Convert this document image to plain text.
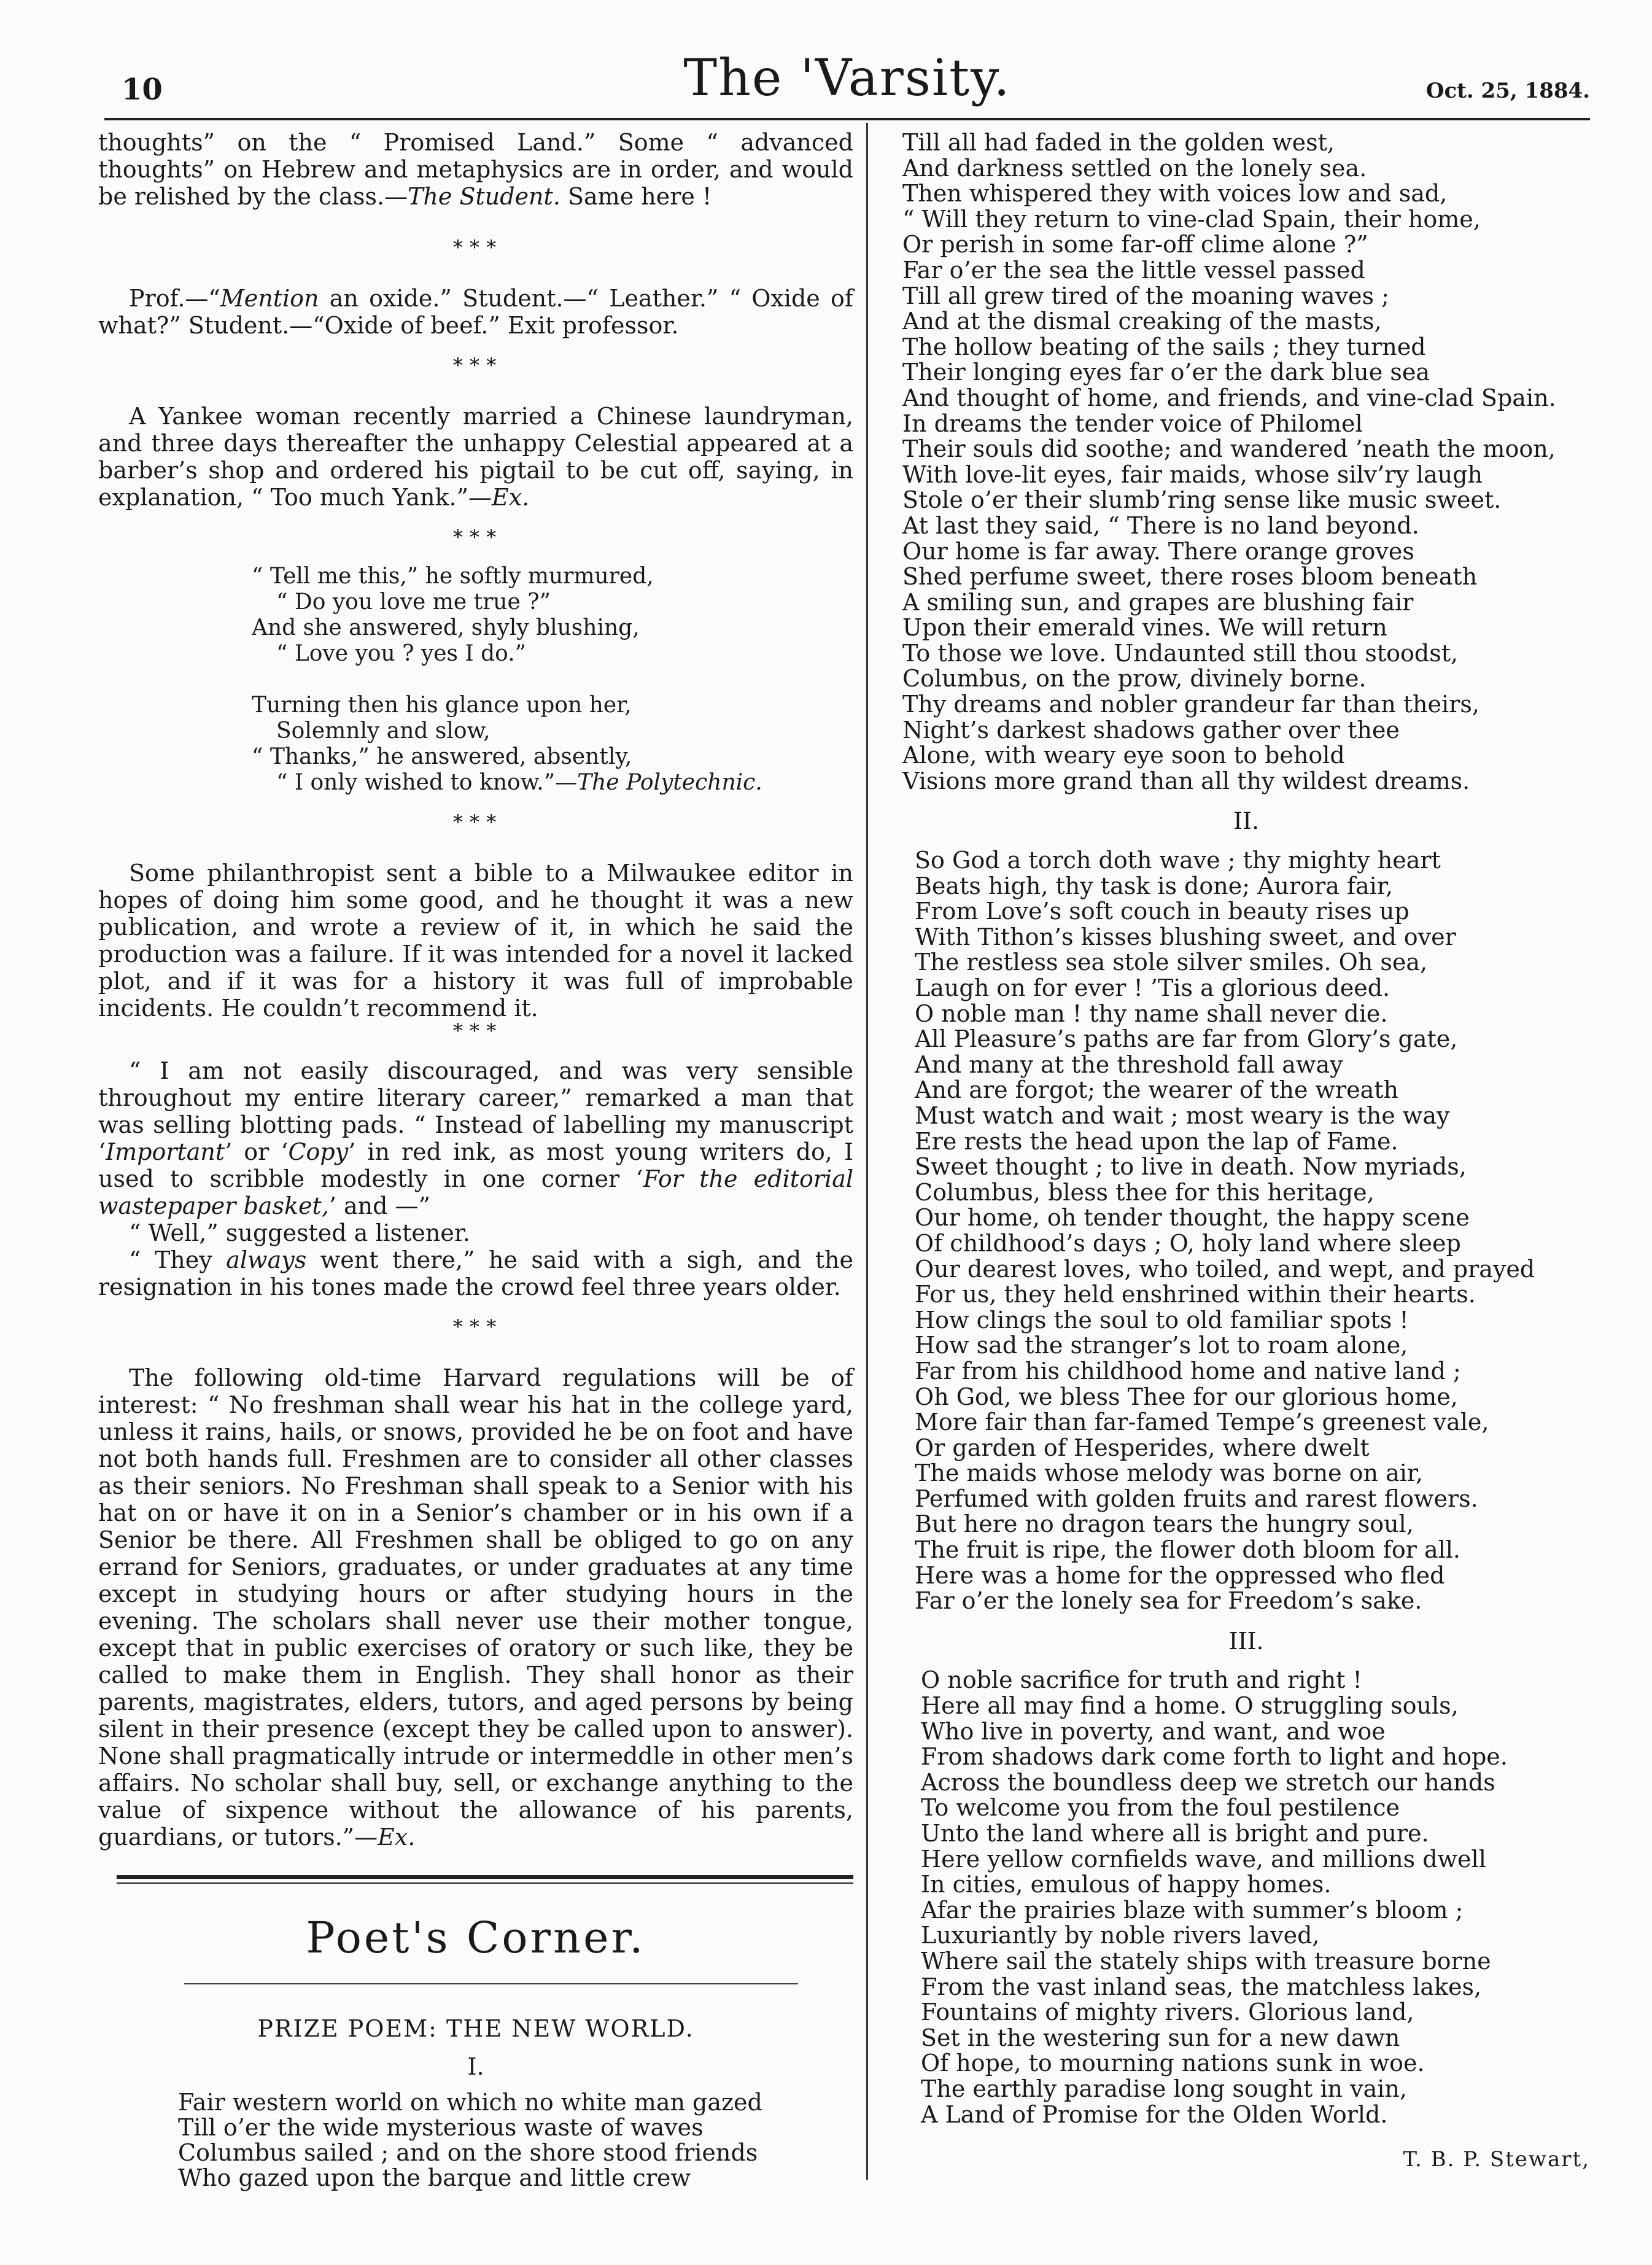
10	The 'Varsity.	Oct. 25, 1884.

thoughts” on the “ Promised Land.” Some “ advanced thoughts” on Hebrew and metaphysics are in order, and would be relished by the class.—The Student. Same here !

* * *

Prof.—“Mention an oxide.” Student.—“ Leather.” “ Oxide of what?” Student.—“Oxide of beef.” Exit professor.

* * *

A Yankee woman recently married a Chinese laundryman, and three days thereafter the unhappy Celestial appeared at a barber’s shop and ordered his pigtail to be cut off, saying, in explanation, “ Too much Yank.”—Ex.

* * *

“ Tell me this,” he softly murmured,
“ Do you love me true ?”
And she answered, shyly blushing,
“ Love you ? yes I do.”
Turning then his glance upon her,
Solemnly and slow,
“ Thanks,” he answered, absently,
“ I only wished to know.”—The Polytechnic.

* * *

Some philanthropist sent a bible to a Milwaukee editor in hopes of doing him some good, and he thought it was a new publication, and wrote a review of it, in which he said the production was a failure. If it was intended for a novel it lacked plot, and if it was for a history it was full of improbable incidents. He couldn’t recommend it.

* * *

“ I am not easily discouraged, and was very sensible throughout my entire literary career,” remarked a man that was selling blotting pads. “ Instead of labelling my manuscript ‘Important’ or ‘Copy’ in red ink, as most young writers do, I used to scribble modestly in one corner ‘For the editorial wastepaper basket,’ and —”

“ Well,” suggested a listener.

“ They always went there,” he said with a sigh, and the resignation in his tones made the crowd feel three years older.

* * *

The following old-time Harvard regulations will be of interest: “ No freshman shall wear his hat in the college yard, unless it rains, hails, or snows, provided he be on foot and have not both hands full. Freshmen are to consider all other classes as their seniors. No Freshman shall speak to a Senior with his hat on or have it on in a Senior’s chamber or in his own if a Senior be there. All Freshmen shall be obliged to go on any errand for Seniors, graduates, or under graduates at any time except in studying hours or after studying hours in the evening. The scholars shall never use their mother tongue, except that in public exercises of oratory or such like, they be called to make them in English. They shall honor as their parents, magistrates, elders, tutors, and aged persons by being silent in their presence (except they be called upon to answer). None shall pragmatically intrude or intermeddle in other men’s affairs. No scholar shall buy, sell, or exchange anything to the value of sixpence without the allowance of his parents, guardians, or tutors.”—Ex.

Poet's Corner.
PRIZE POEM: THE NEW WORLD.
I.
Fair western world on which no white man gazed
Till o’er the wide mysterious waste of waves
Columbus sailed ; and on the shore stood friends
Who gazed upon the barque and little crew
Till all had faded in the golden west,
And darkness settled on the lonely sea.
Then whispered they with voices low and sad,
“ Will they return to vine-clad Spain, their home,
Or perish in some far-off clime alone ?”
Far o’er the sea the little vessel passed
Till all grew tired of the moaning waves ;
And at the dismal creaking of the masts,
The hollow beating of the sails ; they turned
Their longing eyes far o’er the dark blue sea
And thought of home, and friends, and vine-clad Spain.
In dreams the tender voice of Philomel
Their souls did soothe; and wandered ’neath the moon,
With love-lit eyes, fair maids, whose silv’ry laugh
Stole o’er their slumb’ring sense like music sweet.
At last they said, “ There is no land beyond.
Our home is far away. There orange groves
Shed perfume sweet, there roses bloom beneath
A smiling sun, and grapes are blushing fair
Upon their emerald vines. We will return
To those we love. Undaunted still thou stoodst,
Columbus, on the prow, divinely borne.
Thy dreams and nobler grandeur far than theirs,
Night’s darkest shadows gather over thee
Alone, with weary eye soon to behold
Visions more grand than all thy wildest dreams.
II.
So God a torch doth wave ; thy mighty heart
Beats high, thy task is done; Aurora fair,
From Love’s soft couch in beauty rises up
With Tithon’s kisses blushing sweet, and over
The restless sea stole silver smiles. Oh sea,
Laugh on for ever ! ’Tis a glorious deed.
O noble man ! thy name shall never die.
All Pleasure’s paths are far from Glory’s gate,
And many at the threshold fall away
And are forgot; the wearer of the wreath
Must watch and wait ; most weary is the way
Ere rests the head upon the lap of Fame.
Sweet thought ; to live in death. Now myriads,
Columbus, bless thee for this heritage,
Our home, oh tender thought, the happy scene
Of childhood’s days ; O, holy land where sleep
Our dearest loves, who toiled, and wept, and prayed
For us, they held enshrined within their hearts.
How clings the soul to old familiar spots !
How sad the stranger’s lot to roam alone,
Far from his childhood home and native land ;
Oh God, we bless Thee for our glorious home,
More fair than far-famed Tempe’s greenest vale,
Or garden of Hesperides, where dwelt
The maids whose melody was borne on air,
Perfumed with golden fruits and rarest flowers.
But here no dragon tears the hungry soul,
The fruit is ripe, the flower doth bloom for all.
Here was a home for the oppressed who fled
Far o’er the lonely sea for Freedom’s sake.
III.
O noble sacrifice for truth and right !
Here all may find a home. O struggling souls,
Who live in poverty, and want, and woe
From shadows dark come forth to light and hope.
Across the boundless deep we stretch our hands
To welcome you from the foul pestilence
Unto the land where all is bright and pure.
Here yellow cornfields wave, and millions dwell
In cities, emulous of happy homes.
Afar the prairies blaze with summer’s bloom ;
Luxuriantly by noble rivers laved,
Where sail the stately ships with treasure borne
From the vast inland seas, the matchless lakes,
Fountains of mighty rivers. Glorious land,
Set in the westering sun for a new dawn
Of hope, to mourning nations sunk in woe.
The earthly paradise long sought in vain,
A Land of Promise for the Olden World.
T. B. P. Stewart,
